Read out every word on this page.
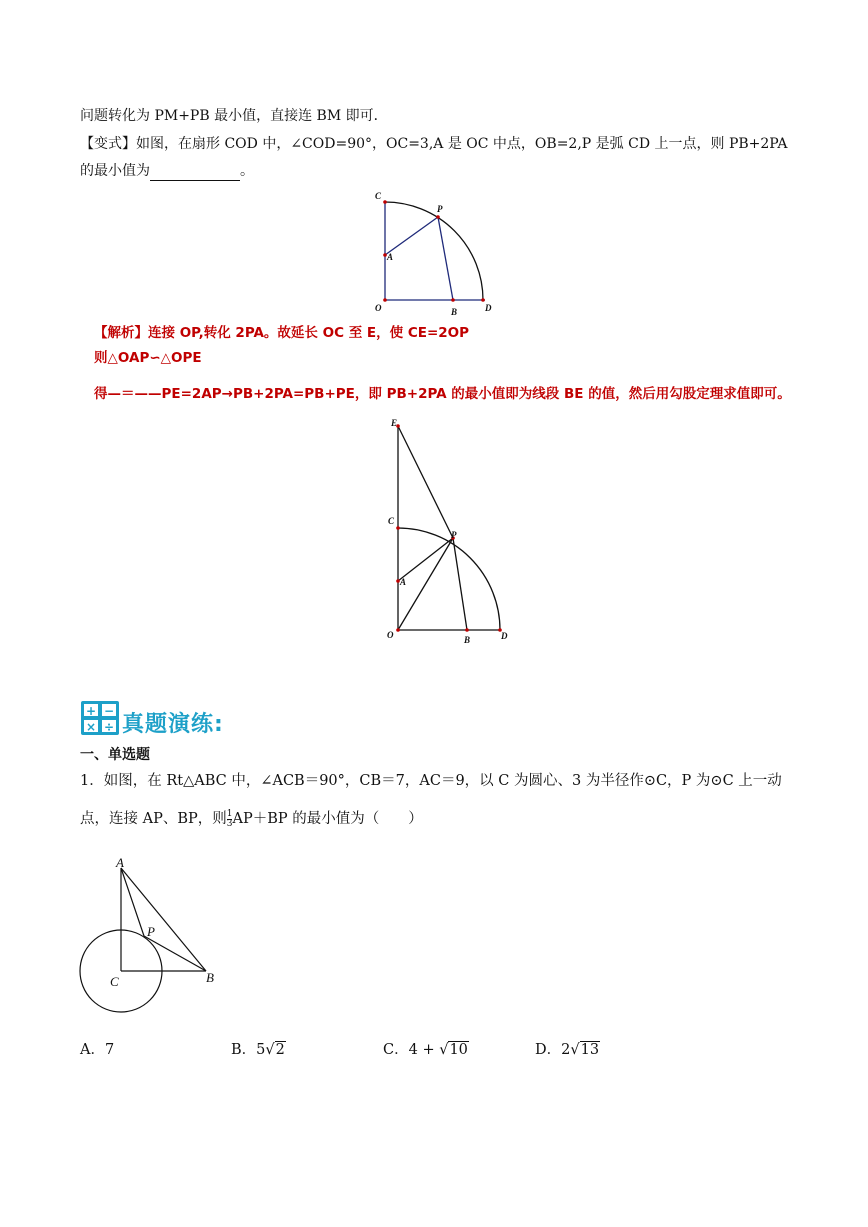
问题转化为 PM+PB 最小值，直接连 BM 即可．
【变式】如图，在扇形 COD 中，∠COD=90°，OC=3,A 是 OC 中点，OB=2,P 是弧 CD 上一点，则 PB+2PA
的最小值为	。
C
A
P
O	B	D
【解析】连接 OP,转化 2PA。故延长 OC 至 E，使 CE=2OP
则△OAP∽△OPE
得—＝——PE=2AP→PB+2PA=PB+PE，即 PB+2PA 的最小值即为线段 BE 的值，然后用勾股定理求值即可。
E
C
A
P
O	B	D
+ −
× ÷ 真题演练:
一、单选题
1．如图，在 Rt△ABC 中，∠ACB＝90°，CB＝7，AC＝9，以 C 为圆心、3 为半径作⊙C，P 为⊙C 上一动
点，连接 AP、BP，则 $\frac{1}{3} AP+BP$ 的最小值为（　　）
A
P
C	B
A．7	B．5√2	C．4 + √10	D．2√13
